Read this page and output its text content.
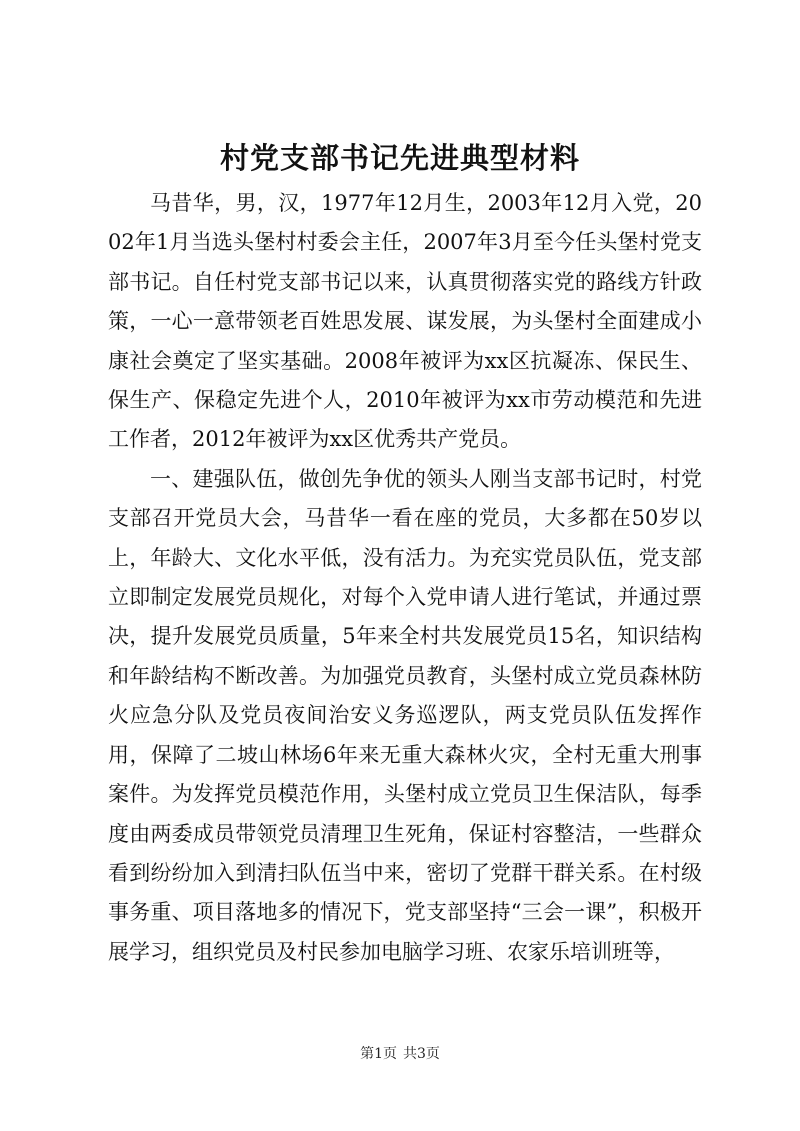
村党支部书记先进典型材料

马昔华，男，汉，1977年12月生，2003年12月入党，2002年1月当选头堡村村委会主任，2007年3月至今任头堡村党支部书记。自任村党支部书记以来，认真贯彻落实党的路线方针政策，一心一意带领老百姓思发展、谋发展，为头堡村全面建成小康社会奠定了坚实基础。2008年被评为xx区抗凝冻、保民生、保生产、保稳定先进个人，2010年被评为xx市劳动模范和先进工作者，2012年被评为xx区优秀共产党员。

一、建强队伍，做创先争优的领头人刚当支部书记时，村党支部召开党员大会，马昔华一看在座的党员，大多都在50岁以上，年龄大、文化水平低，没有活力。为充实党员队伍，党支部立即制定发展党员规化，对每个入党申请人进行笔试，并通过票决，提升发展党员质量，5年来全村共发展党员15名，知识结构和年龄结构不断改善。为加强党员教育，头堡村成立党员森林防火应急分队及党员夜间治安义务巡逻队，两支党员队伍发挥作用，保障了二坡山林场6年来无重大森林火灾，全村无重大刑事案件。为发挥党员模范作用，头堡村成立党员卫生保洁队，每季度由两委成员带领党员清理卫生死角，保证村容整洁，一些群众看到纷纷加入到清扫队伍当中来，密切了党群干群关系。在村级事务重、项目落地多的情况下，党支部坚持“三会一课”，积极开展学习，组织党员及村民参加电脑学习班、农家乐培训班等，

第1页 共3页
